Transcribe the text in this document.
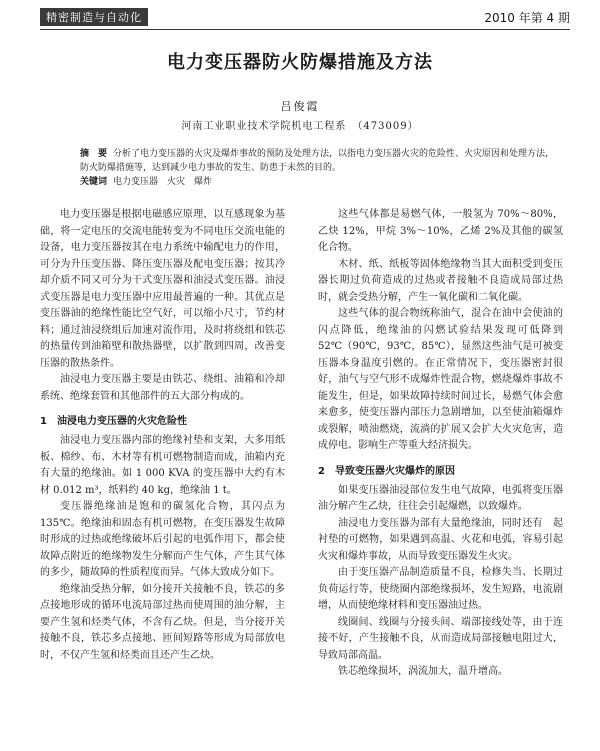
精密制造与自动化	2010 年第 4 期
电力变压器防火防爆措施及方法
吕俊霞
河南工业职业技术学院机电工程系　（473009）

摘　要 分析了电力变压器的火灾及爆炸事故的预防及处理方法，以指电力变压器火灾的危险性、火灾原因和处理方法，防火防爆措施等，达到减少电力事故的发生、防患于未然的目的。

关键词 电力变压器　火灾　爆炸

电力变压器是根据电磁感应原理，以互感现象为基础，将一定电压的交流电能转变为不同电压交流电能的设备，电力变压器按其在电力系统中输配电力的作用，可分为升压变压器、降压变压器及配电变压器；按其冷却介质不同又可分为干式变压器和油浸式变压器。油浸式变压器是电力变压器中应用最普遍的一种。其优点是变压器油的绝缘性能比空气好，可以缩小尺寸，节约材料；通过油浸绕组后加速对流作用，及时将绕组和铁芯的热量传到油箱壁和散热器壁，以扩散到四周，改善变压器的散热条件。

油浸电力变压器主要是由铁芯、绕组、油箱和冷却系统、绝缘套管和其他部件的五大部分构成的。

1　油浸电力变压器的火灾危险性

油浸电力变压器内部的绝缘衬垫和支架，大多用纸板、棉纱、布、木材等有机可燃物制造而成，油箱内充有大量的绝缘油。如 1 000 KVA 的变压器中大约有木材 0.012 m³，纸料约 40 kg，绝缘油 1 t。

变压器绝缘油是饱和的碳氢化合物，其闪点为 135℃。绝缘油和固态有机可燃物，在变压器发生故障时形成的过热或绝缘破坏后引起的电弧作用下，都会使故障点附近的绝缘物发生分解而产生气体，产生其气体的多少，随故障的性质程度而异。气体大致成分如下。

绝缘油受热分解，如分接开关接触不良，铁芯的多点接地形成的循环电流局部过热而使周围的油分解，主要产生氢和烃类气体，不含有乙炔。但是，当分接开关接触不良，铁芯多点接地、匝间短路等形成为局部放电时，不仅产生氢和烃类而且还产生乙炔。

这些气体都是易燃气体，一般氢为 70%～80%，乙炔 12%，甲烷 3%～10%，乙烯 2%及其他的碳氢化合物。

木材、纸、纸板等固体绝缘物当其大面积受到变压器长期过负荷造成的过热或者接触不良造成局部过热时，就会受热分解，产生一氧化碳和二氧化碳。

这些气体的混合物统称油气，混合在油中会使油的闪点降低，绝缘油的闪燃试验结果发现可低降到 52℃（90℃，93℃，85℃），显然这些油气是可被变压器本身温度引燃的。在正常情况下，变压器密封很好，油气与空气形不成爆炸性混合物，燃烧爆炸事故不能发生，但是，如果故障持续时间过长，易燃气体会愈来愈多，使变压器内部压力急剧增加，以至使油箱爆炸或裂解，喷油燃烧，流淌的扩展又会扩大火灾危害，造成停电、影响生产等重大经济损失。

2　导致变压器火灾爆炸的原因

如果变压器油浸部位发生电气故障，电弧将变压器油分解产生乙炔，往往会引起爆燃，以致爆炸。

油浸电力变压器为部有大量绝缘油，同时还有　起衬垫的可燃物，如果遇到高温、火花和电弧，容易引起火灾和爆炸事故，从而导致变压器发生火灾。

由于变压器产品制造质量不良，检修失当、长期过负荷运行等，使绕圈内部绝缘损坏，发生短路，电流剧增，从而使绝缘材料和变压器油过热。

线圈间、线圈与分接头间、端部接线处等，由于连接不好，产生接触不良，从而造成局部接触电阻过大，导致局部高温。

铁芯绝缘损坏，涡流加大，温升增高。
